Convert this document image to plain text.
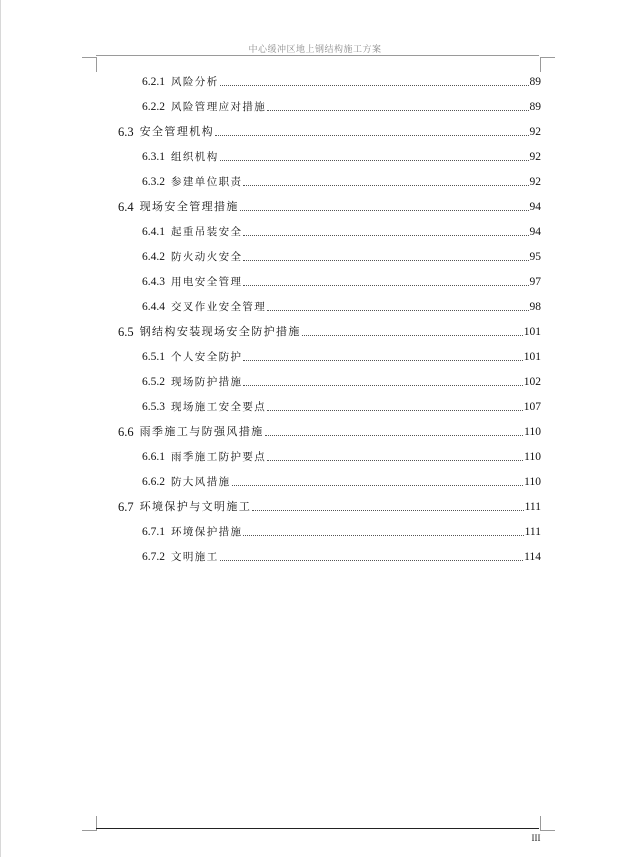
中心缓冲区地上钢结构施工方案
6.2.1 风险分析	89
6.2.2 风险管理应对措施	89
6.3 安全管理机构	92
6.3.1 组织机构	92
6.3.2 参建单位职责	92
6.4 现场安全管理措施	94
6.4.1 起重吊装安全	94
6.4.2 防火动火安全	95
6.4.3 用电安全管理	97
6.4.4 交叉作业安全管理	98
6.5 钢结构安装现场安全防护措施	101
6.5.1 个人安全防护	101
6.5.2 现场防护措施	102
6.5.3 现场施工安全要点	107
6.6 雨季施工与防强风措施	110
6.6.1 雨季施工防护要点	110
6.6.2 防大风措施	110
6.7 环境保护与文明施工	111
6.7.1 环境保护措施	111
6.7.2 文明施工	114
III
